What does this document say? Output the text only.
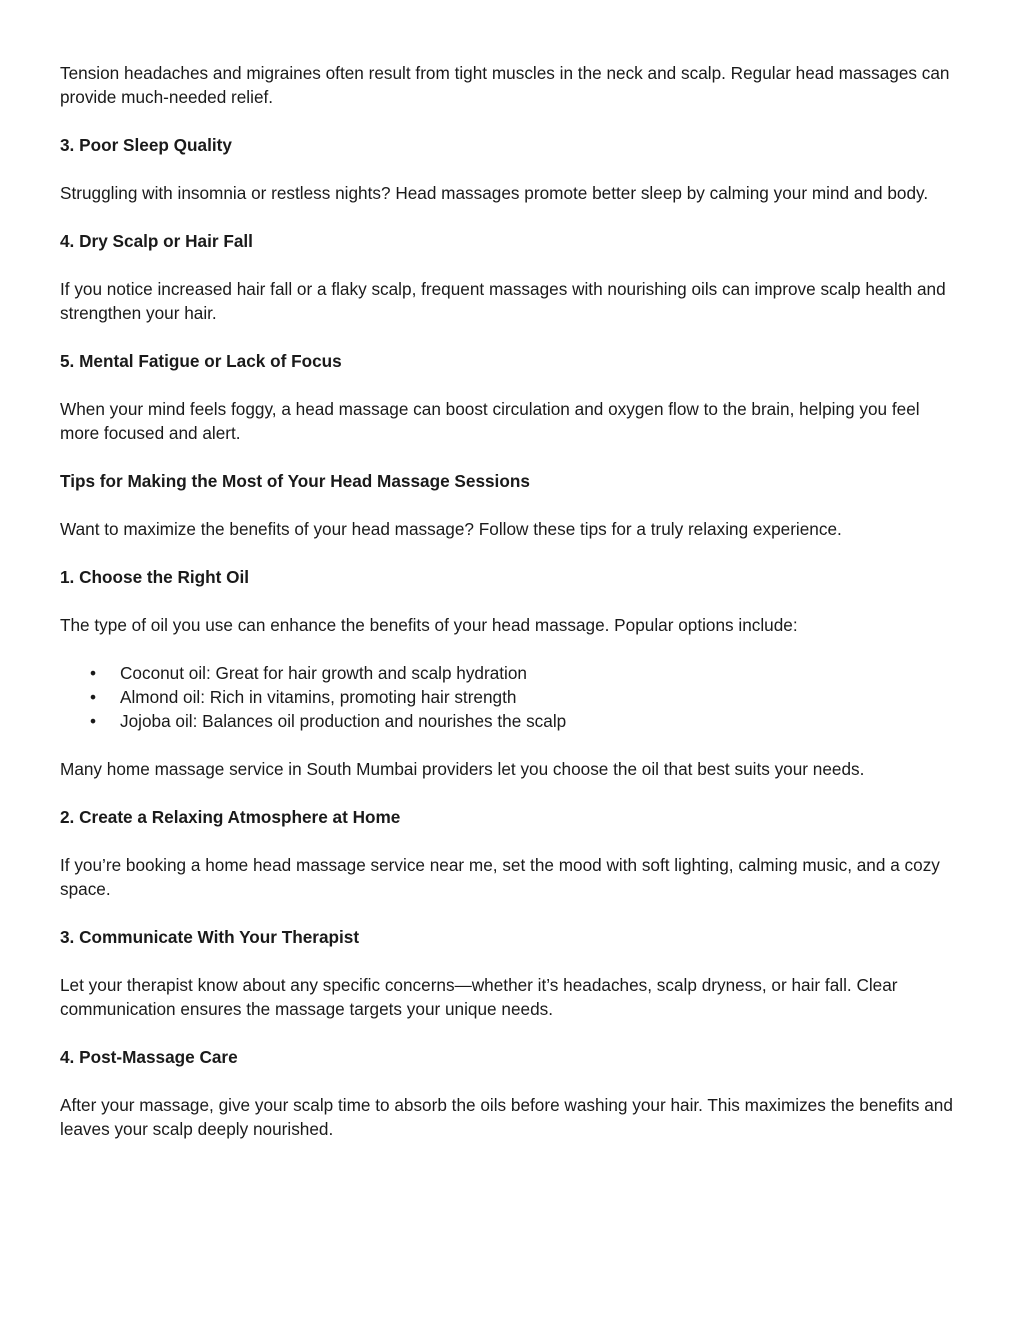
Tension headaches and migraines often result from tight muscles in the neck and scalp. Regular head massages can provide much-needed relief.

3. Poor Sleep Quality

Struggling with insomnia or restless nights? Head massages promote better sleep by calming your mind and body.

4. Dry Scalp or Hair Fall

If you notice increased hair fall or a flaky scalp, frequent massages with nourishing oils can improve scalp health and strengthen your hair.

5. Mental Fatigue or Lack of Focus

When your mind feels foggy, a head massage can boost circulation and oxygen flow to the brain, helping you feel more focused and alert.

Tips for Making the Most of Your Head Massage Sessions

Want to maximize the benefits of your head massage? Follow these tips for a truly relaxing experience.

1. Choose the Right Oil

The type of oil you use can enhance the benefits of your head massage. Popular options include:

• Coconut oil: Great for hair growth and scalp hydration
• Almond oil: Rich in vitamins, promoting hair strength
• Jojoba oil: Balances oil production and nourishes the scalp

Many home massage service in South Mumbai providers let you choose the oil that best suits your needs.

2. Create a Relaxing Atmosphere at Home

If you’re booking a home head massage service near me, set the mood with soft lighting, calming music, and a cozy space.

3. Communicate With Your Therapist

Let your therapist know about any specific concerns—whether it’s headaches, scalp dryness, or hair fall. Clear communication ensures the massage targets your unique needs.

4. Post-Massage Care

After your massage, give your scalp time to absorb the oils before washing your hair. This maximizes the benefits and leaves your scalp deeply nourished.
